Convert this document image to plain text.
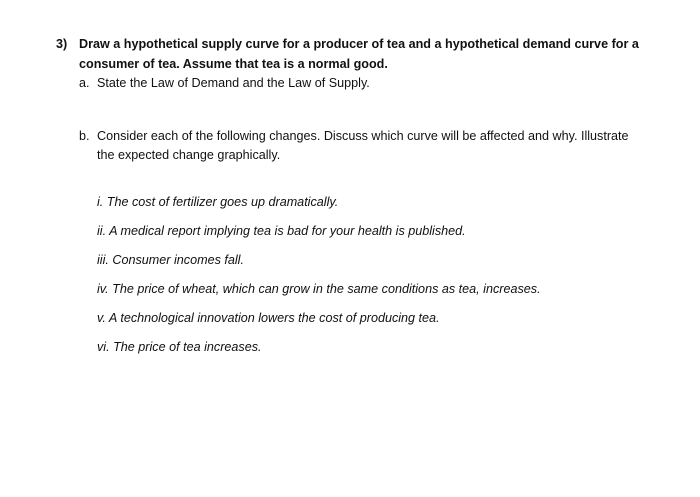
3) Draw a hypothetical supply curve for a producer of tea and a hypothetical demand curve for a
consumer of tea. Assume that tea is a normal good.
a. State the Law of Demand and the Law of Supply.
b. Consider each of the following changes. Discuss which curve will be affected and why. Illustrate
the expected change graphically.
i. The cost of fertilizer goes up dramatically.
ii. A medical report implying tea is bad for your health is published.
iii. Consumer incomes fall.
iv. The price of wheat, which can grow in the same conditions as tea, increases.
v. A technological innovation lowers the cost of producing tea.
vi. The price of tea increases.
